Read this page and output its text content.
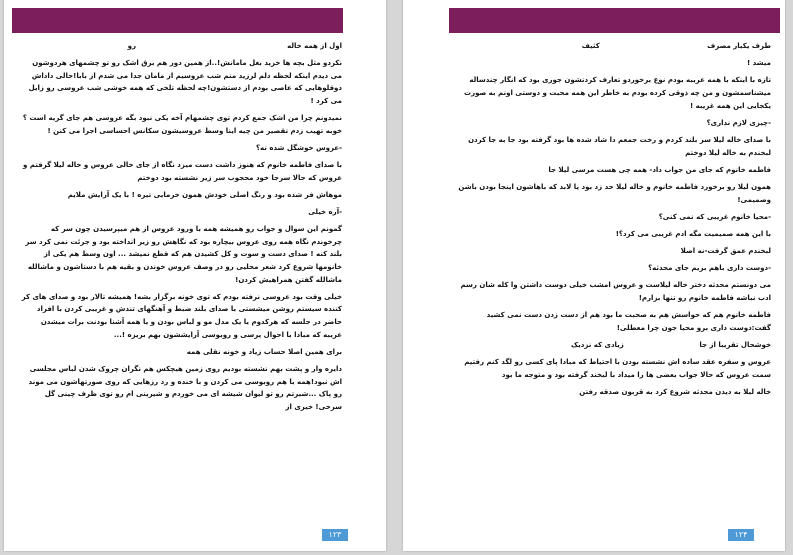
اول از همه خاله                                                              رو

نکردو مثل بچه ها خزید بغل مامانش!..از همین دور هم برق اشک رو تو چشمهای هردوشون می دیدم اینکه لحظه دلم لرزید منم شب عروسیم از مامان جدا می شدم از بابا!حالی داداش دوقلوهایی که عاصی بودم از دستشون!چه لحظه تلخی که همه خوشی شب عروسی رو زایل می کرد !

نمیدونم چرا من اشک جمع کردم توی چشمهام آخه یکی نبود بگه عروسی هم جای گریه است ؟ خوبه تهیب زدم تقصیر من چیه اینا وسط عروسیشون سکانس احساسی اجرا می کنن !

-عروس خوشگل شده نه؟

با صدای فاطمه خانوم که هنوز داشت دست میزد نگاه از جای خالی عروس و خاله لیلا گرفتم و عروس که حالا سرجا خود محجوب سر زیر نشسته بود دوختم

موهاش فر شده بود و رنگ اصلی خودش همون خرمایی تیره ! با یک آرایش ملایم

-آره خیلی

گمونم این سوال و جواب رو همیشه همه با ورود عروس از هم میپرسیدن چون سر که چرخوندم نگاه همه روی عروس بیچاره بود که نگاهش رو زیر انداخته بود و جرئت نمی کرد سر بلند کنه ! صدای دست و سوت و کل کشیدن هم که قطع نمیشد ... اون وسط هم یکی از خانومها شروع کرد شعر محلیی رو در وصف عروس خوندن و بقیه هم با دستاشون و ماشالله ماشالله گفتن همراهیش کردن!

خیلی وقت بود عروسی نرفته بودم که توی خونه برگزار بشه! همیشه تالار بود و صدای های کر کننده سیستم روشن میشستی با صدای بلند ضبط و آهنگهای تندش و غریبی کردن با افراد حاضر در جلسه که هرکدوم یا یک مدل مو و لباس بودن و یا همه آشنا بودنت برات میشدن غریبه که مبادا با احوال پرسی و روبوسی آرایششون بهم بریزه !...

برای همین اصلا حساب زیاد و خونه نقلی همه

دایره وار و پشت بهم نشسته بودیم روی زمین هیچکس هم نگران چروک شدن لباس مجلسی اش نبود!همه با هم روبوسی می کردن و با خنده و رد رزهایی که روی صورتهاشون می موند رو پاک ...شیرتم رو تو لیوان شیشه ای می خوردم و شیرینی ام رو توی ظرف چینی گل سرخی! خیری از

۱۲۳

طرف یکبار مصرف                                            کثیف

میشد !

تازه با اینکه با همه غریبه بودم نوع برخوردو تعارف کردنشون جوری بود که انگار چندساله میشناسمشون و من چه ذوقی کرده بودم به خاطر این همه محبت و دوستی اونم به صورت یکجایی این همه غریبه !

-چیزی لازم نداری؟

با صدای خاله لیلا سر بلند کردم و رخت جمعم دا شاد شده ها بود گرفته بود جا به جا کردن لبخندم به خاله لیلا دوختم

فاطمه خانوم که جای من جواب داد- همه چی هست مرسی لیلا جا

همون لیلا رو برخورد فاطمه خانوم و خاله لیلا حد زد بود یا لابد که باهاشون اینجا بودن باشن وصمیمی!

-محیا خانوم غریبی که نمی کنی؟

با این همه صمیمیت مگه ادم غریبی می کرد؟!

لبخندم عمق گرفت-نه اصلا

-دوست داری باهم بریم جای محدثه؟

می دونستم محدثه دختر خاله لیلاست و عروس امشب خیلی دوست داشتن وا کله شان رسم ادب نباشه فاطمه خانوم رو تنها بزارم!

فاطمه خانوم هم که حواسش هم به صحبت ما بود هم از دست زدن دست نمی کشید گفت:دوست داری برو محیا جون چرا معطلی!

خوشحال تقریبا از جا                               زیادی که نزدیک

عروس و سفره عقد ساده اش نشسته بودن با احتیاط که مبادا پای کسی رو لگد کنم رفتیم سمت عروس که حالا جواب بعضی ها را میداد با لبخند گرفته بود و متوجه ما بود

خاله لیلا به دیدن محدثه شروع کرد به قربون صدقه رفتن

۱۲۴
